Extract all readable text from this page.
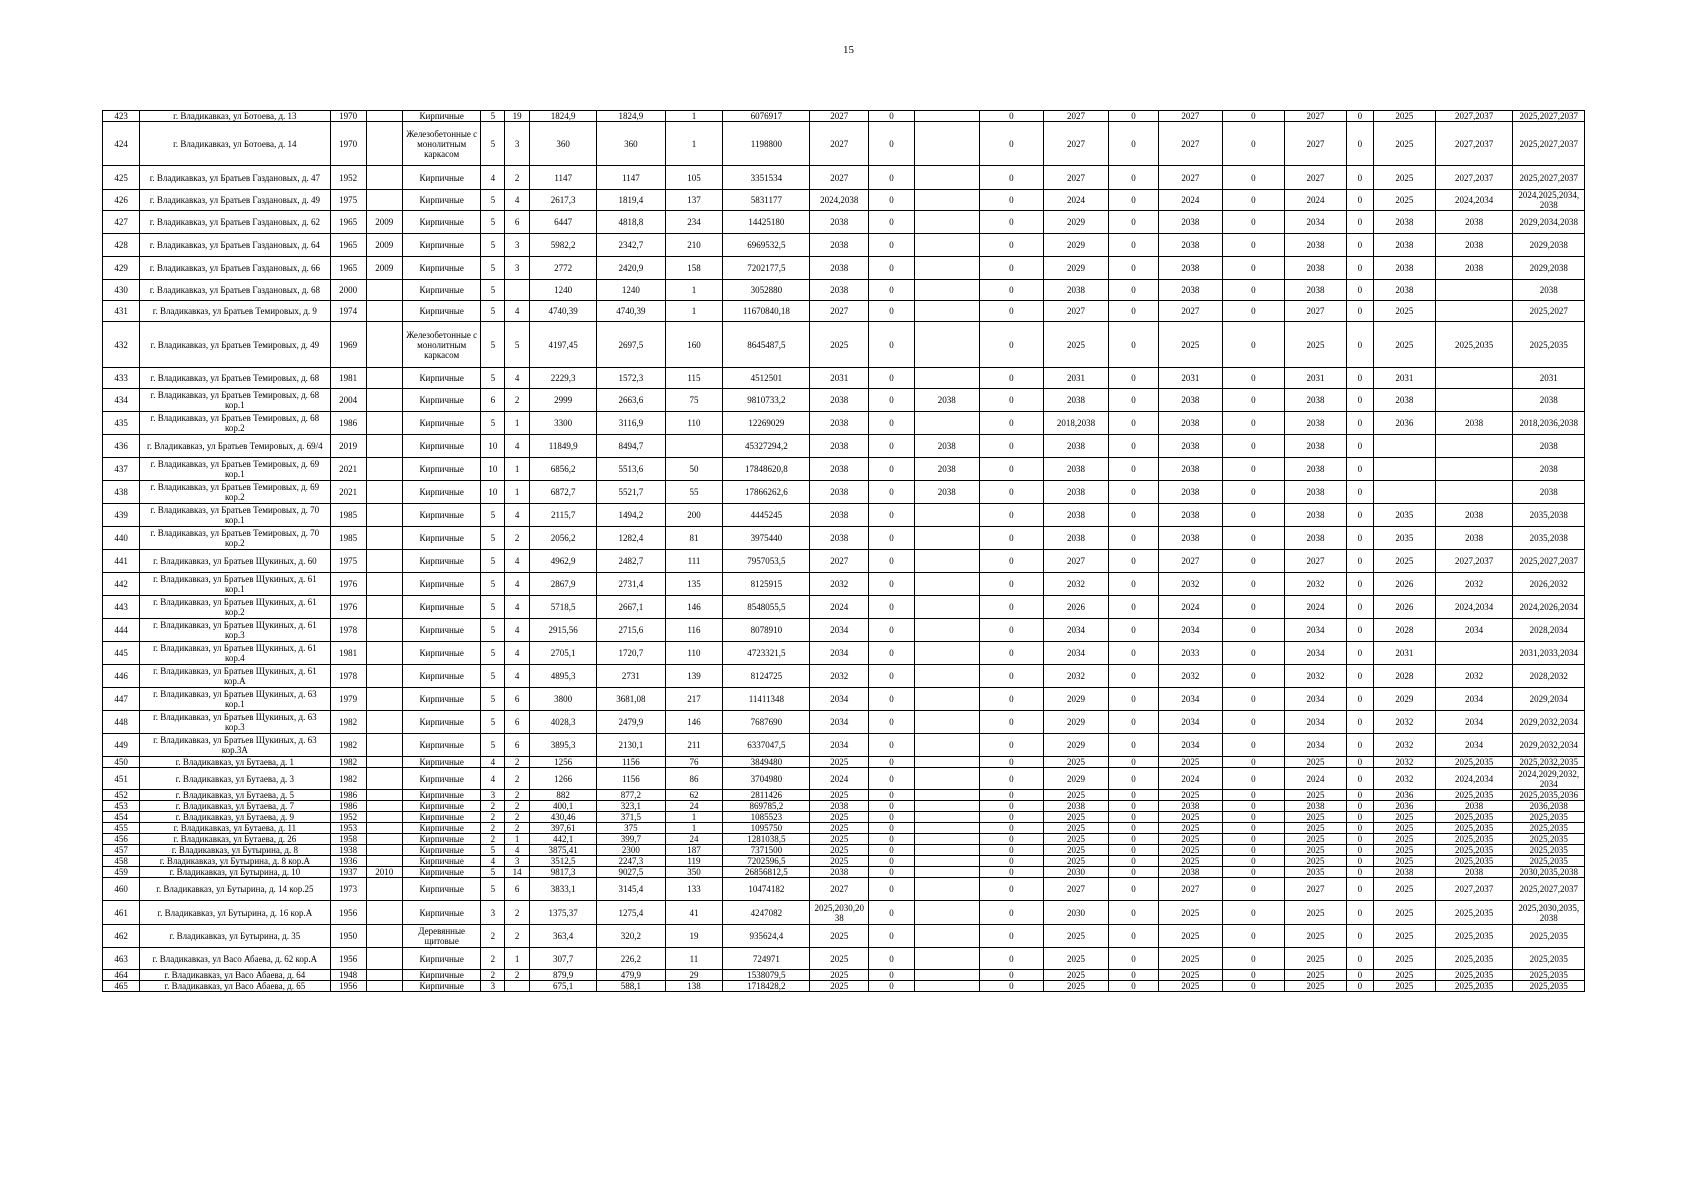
15
423	г. Владикавказ, ул Ботоева, д. 13	1970		Кирпичные	5	19	1824,9	1824,9	1	6076917	2027	0		0	2027	0	2027	0	2027	0	2025	2027,2037	2025,2027,2037
424	г. Владикавказ, ул Ботоева, д. 14	1970		Железобетонные с монолитным каркасом	5	3	360	360	1	1198800	2027	0		0	2027	0	2027	0	2027	0	2025	2027,2037	2025,2027,2037
425	г. Владикавказ, ул Братьев Газдановых, д. 47	1952		Кирпичные	4	2	1147	1147	105	3351534	2027	0		0	2027	0	2027	0	2027	0	2025	2027,2037	2025,2027,2037
426	г. Владикавказ, ул Братьев Газдановых, д. 49	1975		Кирпичные	5	4	2617,3	1819,4	137	5831177	2024,2038	0		0	2024	0	2024	0	2024	0	2025	2024,2034	2024,2025,2034, 2038
427	г. Владикавказ, ул Братьев Газдановых, д. 62	1965	2009	Кирпичные	5	6	6447	4818,8	234	14425180	2038	0		0	2029	0	2038	0	2034	0	2038	2038	2029,2034,2038
428	г. Владикавказ, ул Братьев Газдановых, д. 64	1965	2009	Кирпичные	5	3	5982,2	2342,7	210	6969532,5	2038	0		0	2029	0	2038	0	2038	0	2038	2038	2029,2038
429	г. Владикавказ, ул Братьев Газдановых, д. 66	1965	2009	Кирпичные	5	3	2772	2420,9	158	7202177,5	2038	0		0	2029	0	2038	0	2038	0	2038	2038	2029,2038
430	г. Владикавказ, ул Братьев Газдановых, д. 68	2000		Кирпичные	5		1240	1240	1	3052880	2038	0		0	2038	0	2038	0	2038	0	2038		2038
431	г. Владикавказ, ул Братьев Темировых, д. 9	1974		Кирпичные	5	4	4740,39	4740,39	1	11670840,18	2027	0		0	2027	0	2027	0	2027	0	2025		2025,2027
432	г. Владикавказ, ул Братьев Темировых, д. 49	1969		Железобетонные с монолитным каркасом	5	5	4197,45	2697,5	160	8645487,5	2025	0		0	2025	0	2025	0	2025	0	2025	2025,2035	2025,2035
433	г. Владикавказ, ул Братьев Темировых, д. 68	1981		Кирпичные	5	4	2229,3	1572,3	115	4512501	2031	0		0	2031	0	2031	0	2031	0	2031		2031
434	г. Владикавказ, ул Братьев Темировых, д. 68 кор.1	2004		Кирпичные	6	2	2999	2663,6	75	9810733,2	2038	0	2038	0	2038	0	2038	0	2038	0	2038		2038
435	г. Владикавказ, ул Братьев Темировых, д. 68 кор.2	1986		Кирпичные	5	1	3300	3116,9	110	12269029	2038	0		0	2018,2038	0	2038	0	2038	0	2036	2038	2018,2036,2038
436	г. Владикавказ, ул Братьев Темировых, д. 69/4	2019		Кирпичные	10	4	11849,9	8494,7		45327294,2	2038	0	2038	0	2038	0	2038	0	2038	0			2038
437	г. Владикавказ, ул Братьев Темировых, д. 69 кор.1	2021		Кирпичные	10	1	6856,2	5513,6	50	17848620,8	2038	0	2038	0	2038	0	2038	0	2038	0			2038
438	г. Владикавказ, ул Братьев Темировых, д. 69 кор.2	2021		Кирпичные	10	1	6872,7	5521,7	55	17866262,6	2038	0	2038	0	2038	0	2038	0	2038	0			2038
439	г. Владикавказ, ул Братьев Темировых, д. 70 кор.1	1985		Кирпичные	5	4	2115,7	1494,2	200	4445245	2038	0		0	2038	0	2038	0	2038	0	2035	2038	2035,2038
440	г. Владикавказ, ул Братьев Темировых, д. 70 кор.2	1985		Кирпичные	5	2	2056,2	1282,4	81	3975440	2038	0		0	2038	0	2038	0	2038	0	2035	2038	2035,2038
441	г. Владикавказ, ул Братьев Щукиных, д. 60	1975		Кирпичные	5	4	4962,9	2482,7	111	7957053,5	2027	0		0	2027	0	2027	0	2027	0	2025	2027,2037	2025,2027,2037
442	г. Владикавказ, ул Братьев Щукиных, д. 61 кор.1	1976		Кирпичные	5	4	2867,9	2731,4	135	8125915	2032	0		0	2032	0	2032	0	2032	0	2026	2032	2026,2032
443	г. Владикавказ, ул Братьев Щукиных, д. 61 кор.2	1976		Кирпичные	5	4	5718,5	2667,1	146	8548055,5	2024	0		0	2026	0	2024	0	2024	0	2026	2024,2034	2024,2026,2034
444	г. Владикавказ, ул Братьев Щукиных, д. 61 кор.3	1978		Кирпичные	5	4	2915,56	2715,6	116	8078910	2034	0		0	2034	0	2034	0	2034	0	2028	2034	2028,2034
445	г. Владикавказ, ул Братьев Щукиных, д. 61 кор.4	1981		Кирпичные	5	4	2705,1	1720,7	110	4723321,5	2034	0		0	2034	0	2033	0	2034	0	2031		2031,2033,2034
446	г. Владикавказ, ул Братьев Щукиных, д. 61 кор.А	1978		Кирпичные	5	4	4895,3	2731	139	8124725	2032	0		0	2032	0	2032	0	2032	0	2028	2032	2028,2032
447	г. Владикавказ, ул Братьев Щукиных, д. 63 кор.1	1979		Кирпичные	5	6	3800	3681,08	217	11411348	2034	0		0	2029	0	2034	0	2034	0	2029	2034	2029,2034
448	г. Владикавказ, ул Братьев Щукиных, д. 63 кор.3	1982		Кирпичные	5	6	4028,3	2479,9	146	7687690	2034	0		0	2029	0	2034	0	2034	0	2032	2034	2029,2032,2034
449	г. Владикавказ, ул Братьев Щукиных, д. 63 кор.3А	1982		Кирпичные	5	6	3895,3	2130,1	211	6337047,5	2034	0		0	2029	0	2034	0	2034	0	2032	2034	2029,2032,2034
450	г. Владикавказ, ул Бутаева, д. 1	1982		Кирпичные	4	2	1256	1156	76	3849480	2025	0		0	2025	0	2025	0	2025	0	2032	2025,2035	2025,2032,2035
451	г. Владикавказ, ул Бутаева, д. 3	1982		Кирпичные	4	2	1266	1156	86	3704980	2024	0		0	2029	0	2024	0	2024	0	2032	2024,2034	2024,2029,2032, 2034
452	г. Владикавказ, ул Бутаева, д. 5	1986		Кирпичные	3	2	882	877,2	62	2811426	2025	0		0	2025	0	2025	0	2025	0	2036	2025,2035	2025,2035,2036
453	г. Владикавказ, ул Бутаева, д. 7	1986		Кирпичные	2	2	400,1	323,1	24	869785,2	2038	0		0	2038	0	2038	0	2038	0	2036	2038	2036,2038
454	г. Владикавказ, ул Бутаева, д. 9	1952		Кирпичные	2	2	430,46	371,5	1	1085523	2025	0		0	2025	0	2025	0	2025	0	2025	2025,2035	2025,2035
455	г. Владикавказ, ул Бутаева, д. 11	1953		Кирпичные	2	2	397,61	375	1	1095750	2025	0		0	2025	0	2025	0	2025	0	2025	2025,2035	2025,2035
456	г. Владикавказ, ул Бутаева, д. 26	1958		Кирпичные	2	1	442,1	399,7	24	1281038,5	2025	0		0	2025	0	2025	0	2025	0	2025	2025,2035	2025,2035
457	г. Владикавказ, ул Бутырина, д. 8	1938		Кирпичные	5	4	3875,41	2300	187	7371500	2025	0		0	2025	0	2025	0	2025	0	2025	2025,2035	2025,2035
458	г. Владикавказ, ул Бутырина, д. 8 кор.А	1936		Кирпичные	4	3	3512,5	2247,3	119	7202596,5	2025	0		0	2025	0	2025	0	2025	0	2025	2025,2035	2025,2035
459	г. Владикавказ, ул Бутырина, д. 10	1937	2010	Кирпичные	5	14	9817,3	9027,5	350	26856812,5	2038	0		0	2030	0	2038	0	2035	0	2038	2038	2030,2035,2038
460	г. Владикавказ, ул Бутырина, д. 14 кор.25	1973		Кирпичные	5	6	3833,1	3145,4	133	10474182	2027	0		0	2027	0	2027	0	2027	0	2025	2027,2037	2025,2027,2037
461	г. Владикавказ, ул Бутырина, д. 16 кор.А	1956		Кирпичные	3	2	1375,37	1275,4	41	4247082	2025,2030,2038	0		0	2030	0	2025	0	2025	0	2025	2025,2035	2025,2030,2035, 2038
462	г. Владикавказ, ул Бутырина, д. 35	1950		Деревянные щитовые	2	2	363,4	320,2	19	935624,4	2025	0		0	2025	0	2025	0	2025	0	2025	2025,2035	2025,2035
463	г. Владикавказ, ул Васо Абаева, д. 62 кор.А	1956		Кирпичные	2	1	307,7	226,2	11	724971	2025	0		0	2025	0	2025	0	2025	0	2025	2025,2035	2025,2035
464	г. Владикавказ, ул Васо Абаева, д. 64	1948		Кирпичные	2	2	879,9	479,9	29	1538079,5	2025	0		0	2025	0	2025	0	2025	0	2025	2025,2035	2025,2035
465	г. Владикавказ, ул Васо Абаева, д. 65	1956		Кирпичные	3		675,1	588,1	138	1718428,2	2025	0		0	2025	0	2025	0	2025	0	2025	2025,2035	2025,2035
